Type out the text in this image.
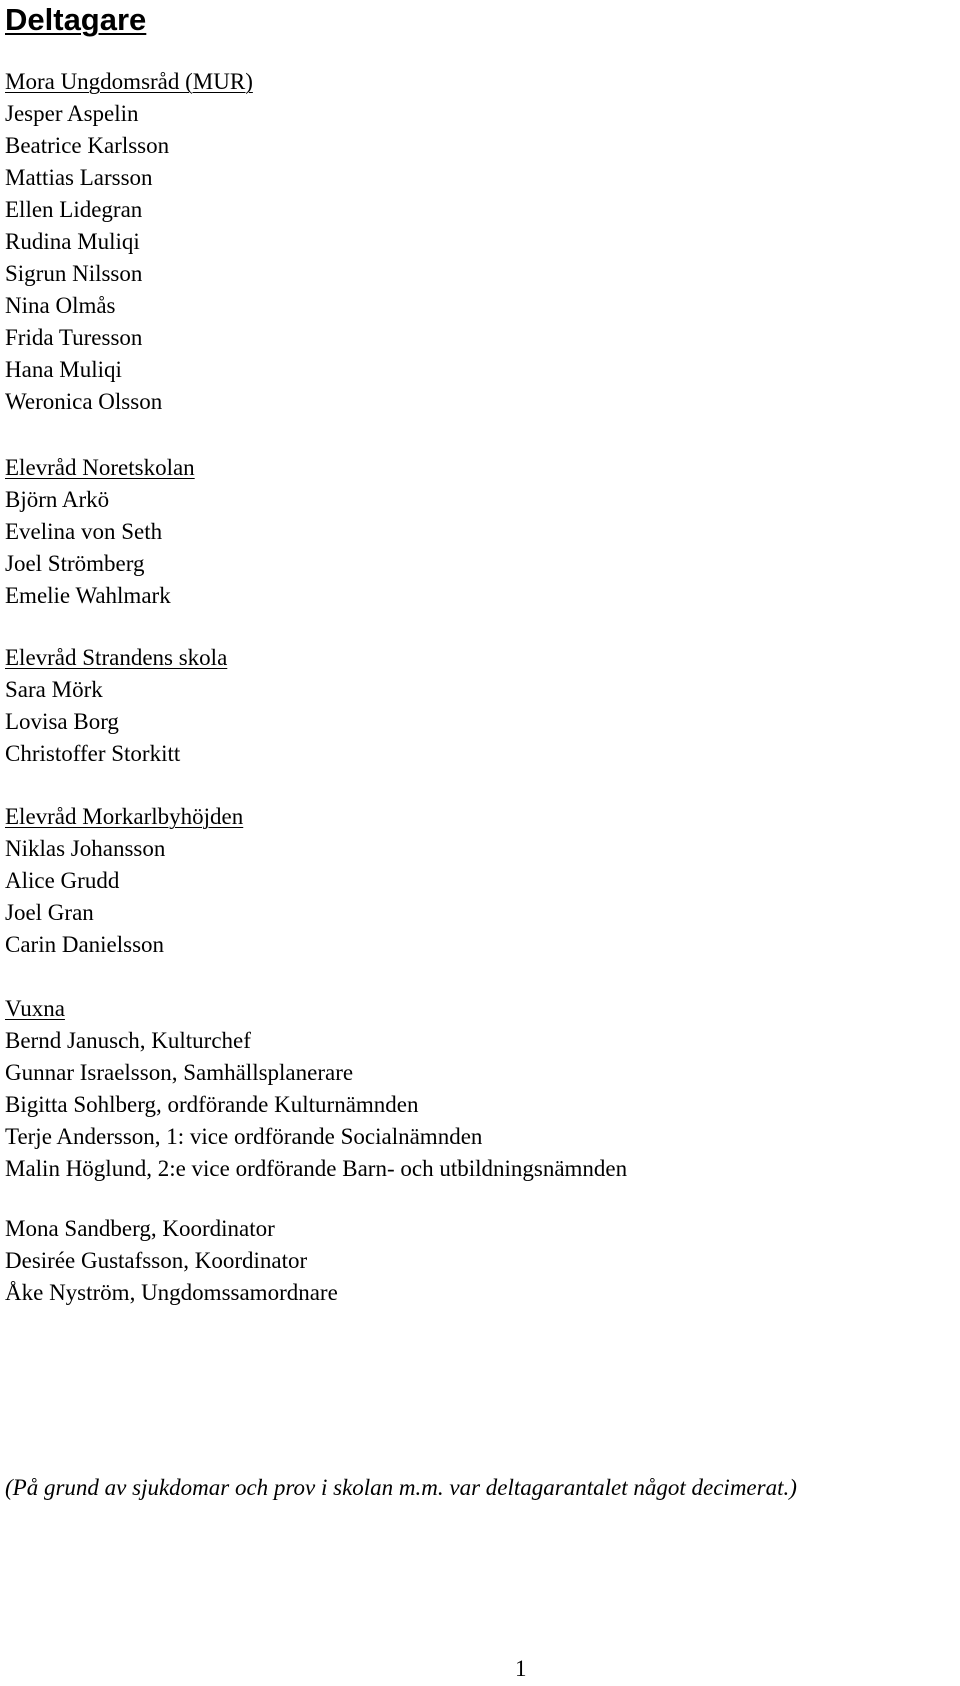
Deltagare
Mora Ungdomsråd (MUR)
Jesper Aspelin
Beatrice Karlsson
Mattias Larsson
Ellen Lidegran
Rudina Muliqi
Sigrun Nilsson
Nina Olmås
Frida Turesson
Hana Muliqi
Weronica Olsson
Elevråd Noretskolan
Björn Arkö
Evelina von Seth
Joel Strömberg
Emelie Wahlmark
Elevråd Strandens skola
Sara Mörk
Lovisa Borg
Christoffer Storkitt
Elevråd Morkarlbyhöjden
Niklas Johansson
Alice Grudd
Joel Gran
Carin Danielsson
Vuxna
Bernd Janusch, Kulturchef
Gunnar Israelsson, Samhällsplanerare
Bigitta Sohlberg, ordförande Kulturnämnden
Terje Andersson, 1: vice ordförande Socialnämnden
Malin Höglund, 2:e vice ordförande Barn- och utbildningsnämnden
Mona Sandberg, Koordinator
Desirée Gustafsson, Koordinator
Åke Nyström, Ungdomssamordnare

(På grund av sjukdomar och prov i skolan m.m. var deltagarantalet något decimerat.)

1
